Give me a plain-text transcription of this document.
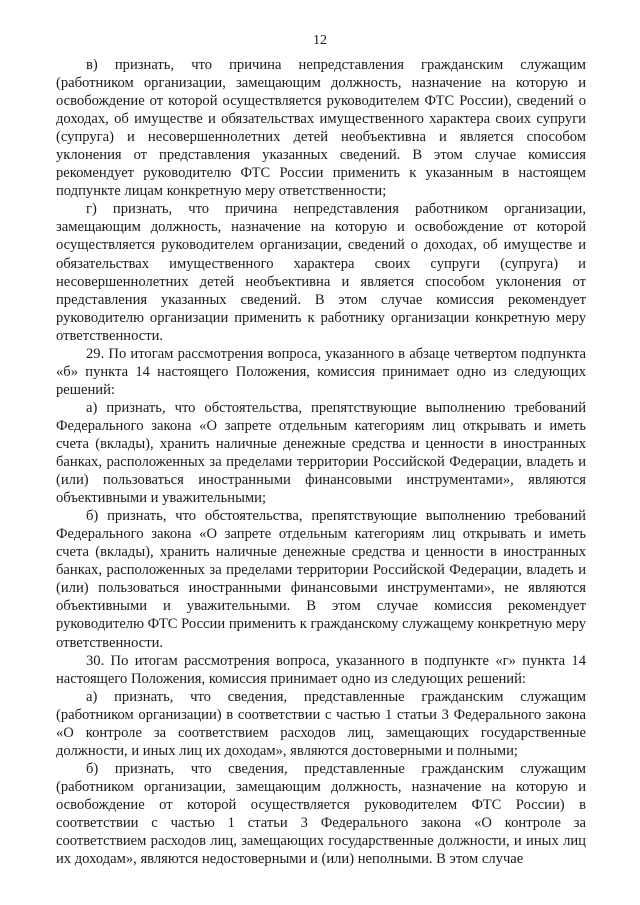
12

в) признать, что причина непредставления гражданским служащим (работником организации, замещающим должность, назначение на которую и освобождение от которой осуществляется руководителем ФТС России), сведений о доходах, об имуществе и обязательствах имущественного характера своих супруги (супруга) и несовершеннолетних детей необъективна и является способом уклонения от представления указанных сведений. В этом случае комиссия рекомендует руководителю ФТС России применить к указанным в настоящем подпункте лицам конкретную меру ответственности;

г) признать, что причина непредставления работником организации, замещающим должность, назначение на которую и освобождение от которой осуществляется руководителем организации, сведений о доходах, об имуществе и обязательствах имущественного характера своих супруги (супруга) и несовершеннолетних детей необъективна и является способом уклонения от представления указанных сведений. В этом случае комиссия рекомендует руководителю организации применить к работнику организации конкретную меру ответственности.

29. По итогам рассмотрения вопроса, указанного в абзаце четвертом подпункта «б» пункта 14 настоящего Положения, комиссия принимает одно из следующих решений:

а) признать, что обстоятельства, препятствующие выполнению требований Федерального закона «О запрете отдельным категориям лиц открывать и иметь счета (вклады), хранить наличные денежные средства и ценности в иностранных банках, расположенных за пределами территории Российской Федерации, владеть и (или) пользоваться иностранными финансовыми инструментами», являются объективными и уважительными;

б) признать, что обстоятельства, препятствующие выполнению требований Федерального закона «О запрете отдельным категориям лиц открывать и иметь счета (вклады), хранить наличные денежные средства и ценности в иностранных банках, расположенных за пределами территории Российской Федерации, владеть и (или) пользоваться иностранными финансовыми инструментами», не являются объективными и уважительными. В этом случае комиссия рекомендует руководителю ФТС России применить к гражданскому служащему конкретную меру ответственности.

30. По итогам рассмотрения вопроса, указанного в подпункте «г» пункта 14 настоящего Положения, комиссия принимает одно из следующих решений:

а) признать, что сведения, представленные гражданским служащим (работником организации) в соответствии с частью 1 статьи 3 Федерального закона «О контроле за соответствием расходов лиц, замещающих государственные должности, и иных лиц их доходам», являются достоверными и полными;

б) признать, что сведения, представленные гражданским служащим (работником организации, замещающим должность, назначение на которую и освобождение от которой осуществляется руководителем ФТС России) в соответствии с частью 1 статьи 3 Федерального закона «О контроле за соответствием расходов лиц, замещающих государственные должности, и иных лиц их доходам», являются недостоверными и (или) неполными. В этом случае
